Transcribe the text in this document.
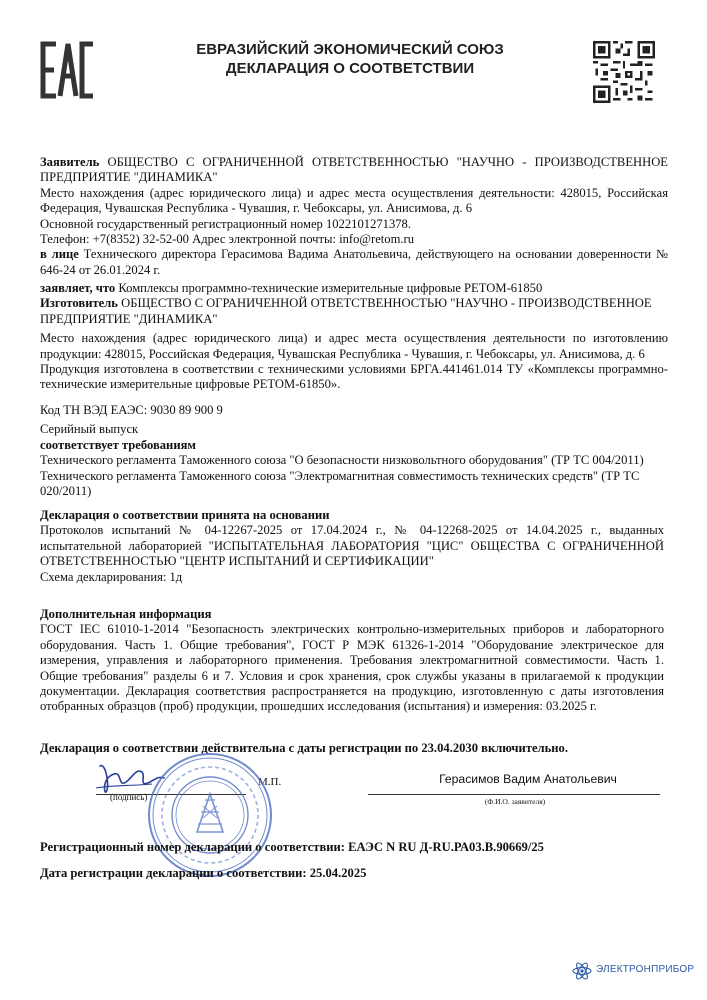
ЕВРАЗИЙСКИЙ ЭКОНОМИЧЕСКИЙ СОЮЗ
ДЕКЛАРАЦИЯ О СООТВЕТСТВИИ

Заявитель ОБЩЕСТВО С ОГРАНИЧЕННОЙ ОТВЕТСТВЕННОСТЬЮ "НАУЧНО - ПРОИЗВОДСТВЕННОЕ ПРЕДПРИЯТИЕ "ДИНАМИКА"

Место нахождения (адрес юридического лица) и адрес места осуществления деятельности: 428015, Российская Федерация, Чувашская Республика - Чувашия, г. Чебоксары, ул. Анисимова, д. 6

Основной государственный регистрационный номер 1022101271378.

Телефон: +7(8352) 32-52-00 Адрес электронной почты: info@retom.ru

в лице Технического директора Герасимова Вадима Анатольевича, действующего на основании доверенности № 646-24 от 26.01.2024 г.

заявляет, что Комплексы программно-технические измерительные цифровые РЕТОМ-61850

Изготовитель ОБЩЕСТВО С ОГРАНИЧЕННОЙ ОТВЕТСТВЕННОСТЬЮ "НАУЧНО - ПРОИЗВОДСТВЕННОЕ ПРЕДПРИЯТИЕ "ДИНАМИКА"

Место нахождения (адрес юридического лица) и адрес места осуществления деятельности по изготовлению продукции: 428015, Российская Федерация, Чувашская Республика - Чувашия, г. Чебоксары, ул. Анисимова, д. 6

Продукция изготовлена в соответствии с техническими условиями БРГА.441461.014 ТУ «Комплексы программно-технические измерительные цифровые РЕТОМ-61850».

Код ТН ВЭД ЕАЭС: 9030 89 900 9

Серийный выпуск

соответствует требованиям

Технического регламента Таможенного союза "О безопасности низковольтного оборудования" (ТР ТС 004/2011)

Технического регламента Таможенного союза "Электромагнитная совместимость технических средств" (ТР ТС 020/2011)

Декларация о соответствии принята на основании

Протоколов испытаний № 04-12267-2025 от 17.04.2024 г., № 04-12268-2025 от 14.04.2025 г., выданных испытательной лабораторией "ИСПЫТАТЕЛЬНАЯ ЛАБОРАТОРИЯ "ЦИС" ОБЩЕСТВА С ОГРАНИЧЕННОЙ ОТВЕТСТВЕННОСТЬЮ "ЦЕНТР ИСПЫТАНИЙ И СЕРТИФИКАЦИИ"

Схема декларирования: 1д

Дополнительная информация

ГОСТ IEC 61010-1-2014 "Безопасность электрических контрольно-измерительных приборов и лабораторного оборудования. Часть 1. Общие требования", ГОСТ Р МЭК 61326-1-2014 "Оборудование электрическое для измерения, управления и лабораторного применения. Требования электромагнитной совместимости. Часть 1. Общие требования" разделы 6 и 7. Условия и срок хранения, срок службы указаны в прилагаемой к продукции документации. Декларация соответствия распространяется на продукцию, изготовленную с даты изготовления отобранных образцов (проб) продукции, прошедших исследования (испытания) и измерения: 03.2025 г.

Декларация о соответствии действительна с даты регистрации по 23.04.2030 включительно.
(подпись)
М.П.	Герасимов Вадим Анатольевич
(Ф.И.О. заявителя)
Регистрационный номер декларации о соответствии: ЕАЭС N RU Д-RU.РА03.В.90669/25
Дата регистрации декларации о соответствии: 25.04.2025
ЭЛЕКТРОНПРИБОР
